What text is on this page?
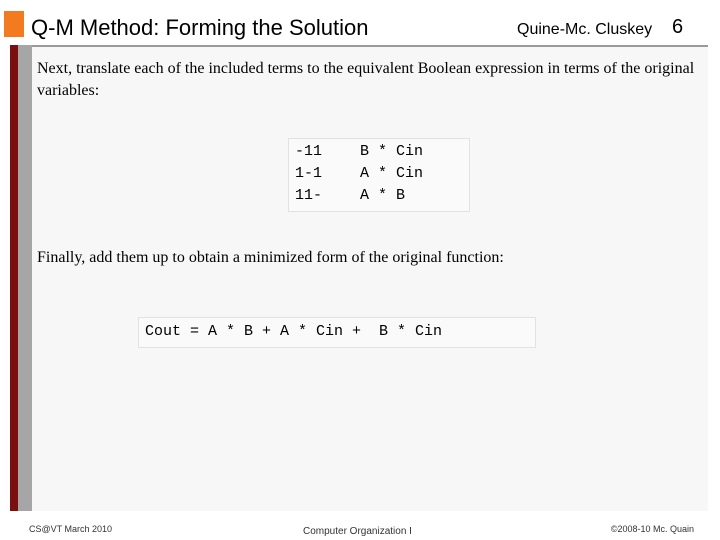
Q-M Method: Forming the Solution	Quine-Mc. Cluskey 6
Next, translate each of the included terms to the equivalent Boolean expression in terms of the original variables:
-11	B * Cin
1-1	A * Cin
11-	A * B
Finally, add them up to obtain a minimized form of the original function:
Cout = A * B + A * Cin +  B * Cin
CS@VT March 2010	Computer Organization I	©2008-10 Mc. Quain
